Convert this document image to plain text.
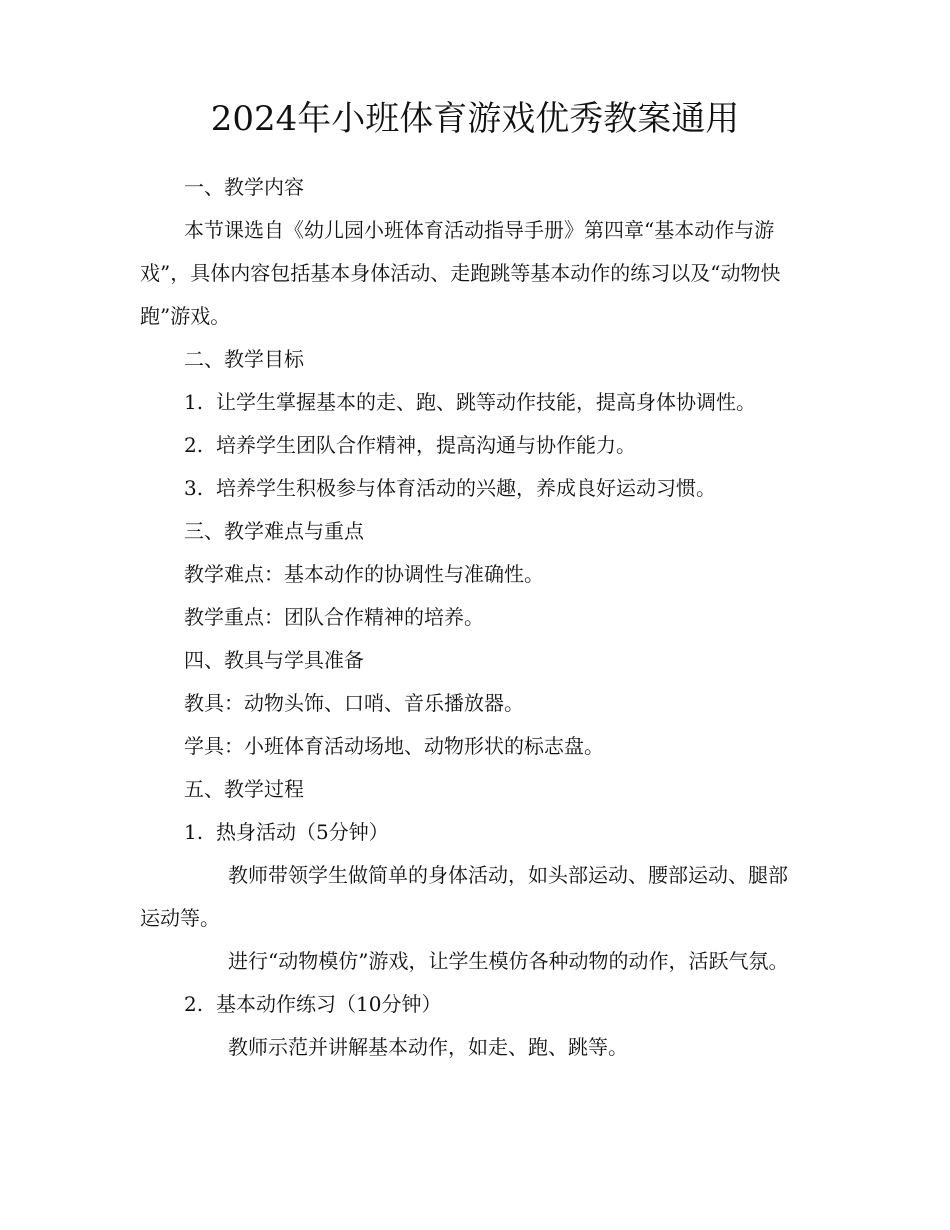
2024年小班体育游戏优秀教案通用

一、教学内容

本节课选自《幼儿园小班体育活动指导手册》第四章“基本动作与游戏”，具体内容包括基本身体活动、走跑跳等基本动作的练习以及“动物快跑”游戏。

二、教学目标

1. 让学生掌握基本的走、跑、跳等动作技能，提高身体协调性。

2. 培养学生团队合作精神，提高沟通与协作能力。

3. 培养学生积极参与体育活动的兴趣，养成良好运动习惯。

三、教学难点与重点

教学难点：基本动作的协调性与准确性。

教学重点：团队合作精神的培养。

四、教具与学具准备

教具：动物头饰、口哨、音乐播放器。

学具：小班体育活动场地、动物形状的标志盘。

五、教学过程

1. 热身活动（5分钟）

教师带领学生做简单的身体活动，如头部运动、腰部运动、腿部运动等。

进行“动物模仿”游戏，让学生模仿各种动物的动作，活跃气氛。

2. 基本动作练习（10分钟）

教师示范并讲解基本动作，如走、跑、跳等。
